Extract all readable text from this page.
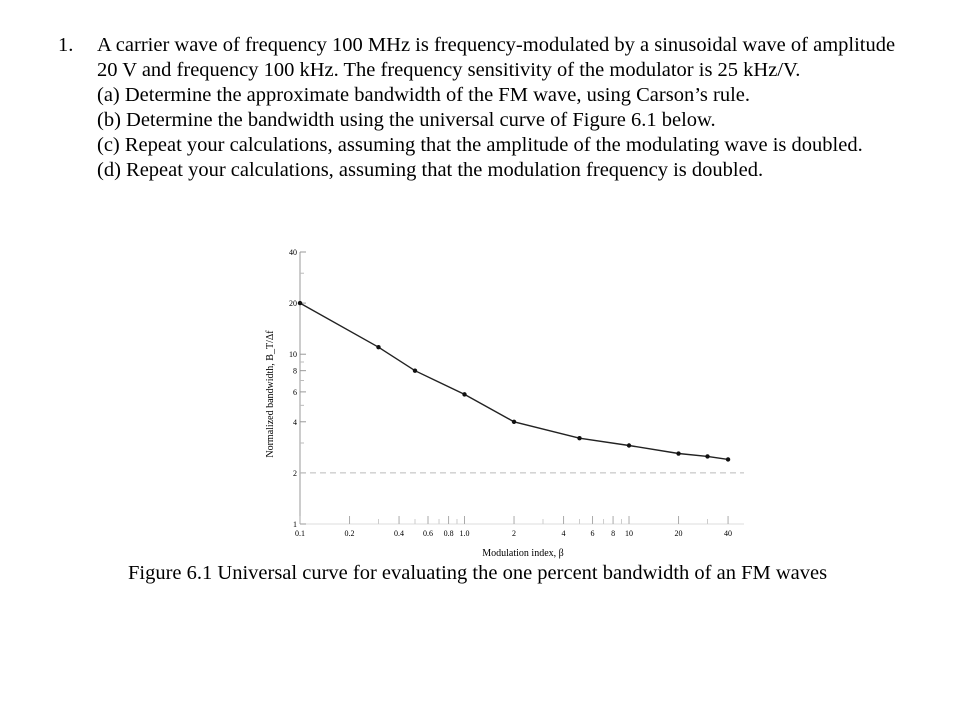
1. A carrier wave of frequency 100 MHz is frequency-modulated by a sinusoidal wave of amplitude 20 V and frequency 100 kHz. The frequency sensitivity of the modulator is 25 kHz/V.
(a) Determine the approximate bandwidth of the FM wave, using Carson’s rule.
(b) Determine the bandwidth using the universal curve of Figure 6.1 below.
(c) Repeat your calculations, assuming that the amplitude of the modulating wave is doubled.
(d) Repeat your calculations, assuming that the modulation frequency is doubled.
1
2
4
6
8
10
20
40
0.1	0.2	0.4 0.6 0.8 1.0	2	4	6 8 10	20	40
Modulation index, β
Normalized bandwidth, B_T/Δf
Figure 6.1 Universal curve for evaluating the one percent bandwidth of an FM waves
